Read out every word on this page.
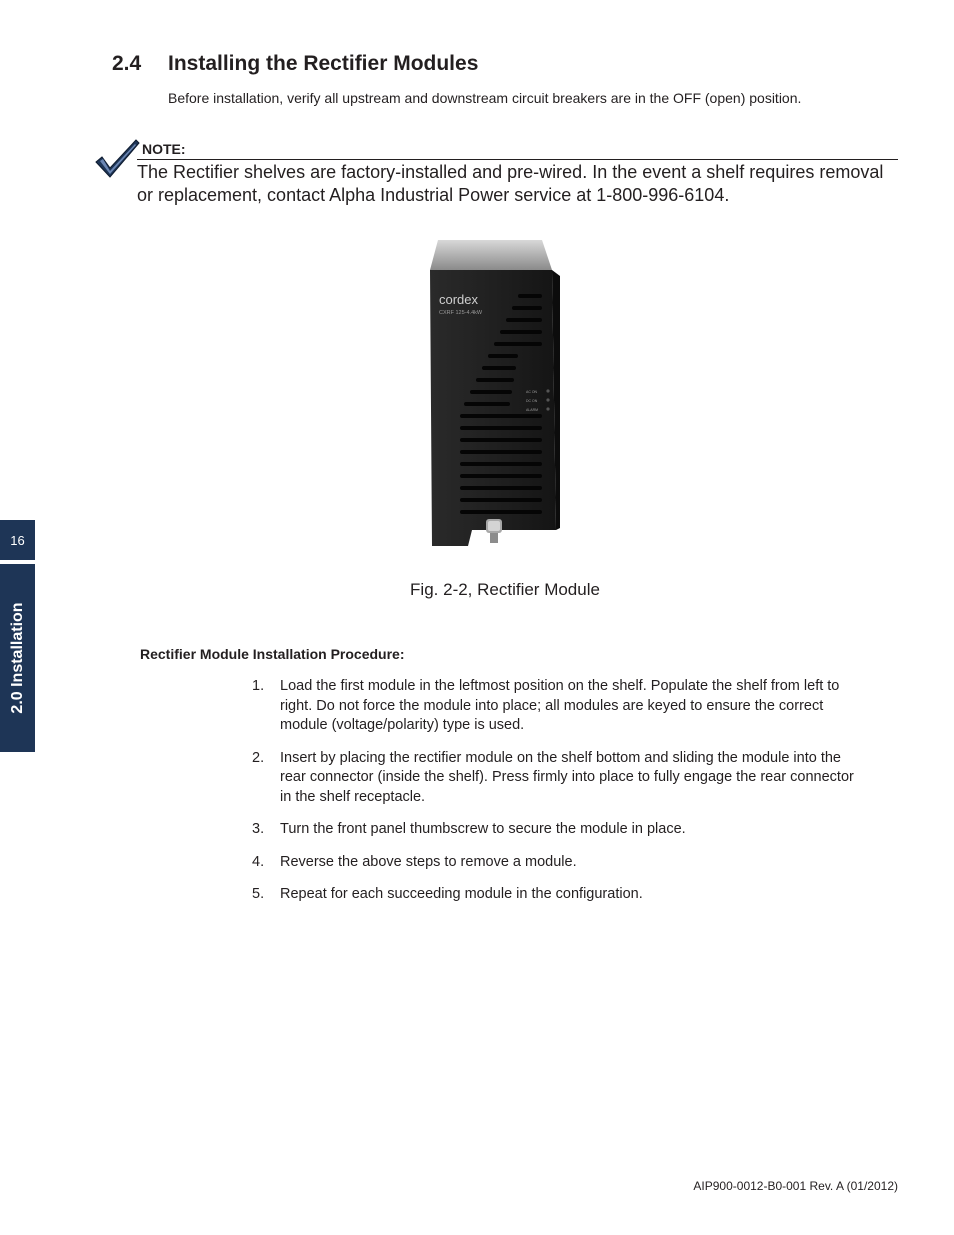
2.4 Installing the Rectifier Modules
Before installation, verify all upstream and downstream circuit breakers are in the OFF (open) position.
NOTE:
The Rectifier shelves are factory-installed and pre-wired. In the event a shelf requires removal or replacement, contact Alpha Industrial Power service at 1-800-996-6104.
cordex
CXRF 125-4.4kW
AC ON
DC ON
ALARM
Fig. 2-2, Rectifier Module
Rectifier Module Installation Procedure:
1. Load the first module in the leftmost position on the shelf. Populate the shelf from left to right. Do not force the module into place; all modules are keyed to ensure the correct module (voltage/polarity) type is used.
2. Insert by placing the rectifier module on the shelf bottom and sliding the module into the rear connector (inside the shelf). Press firmly into place to fully engage the rear connector in the shelf receptacle.
3. Turn the front panel thumbscrew to secure the module in place.
4. Reverse the above steps to remove a module.
5. Repeat for each succeeding module in the configuration.
16
2.0 Installation
AIP900-0012-B0-001 Rev. A (01/2012)
